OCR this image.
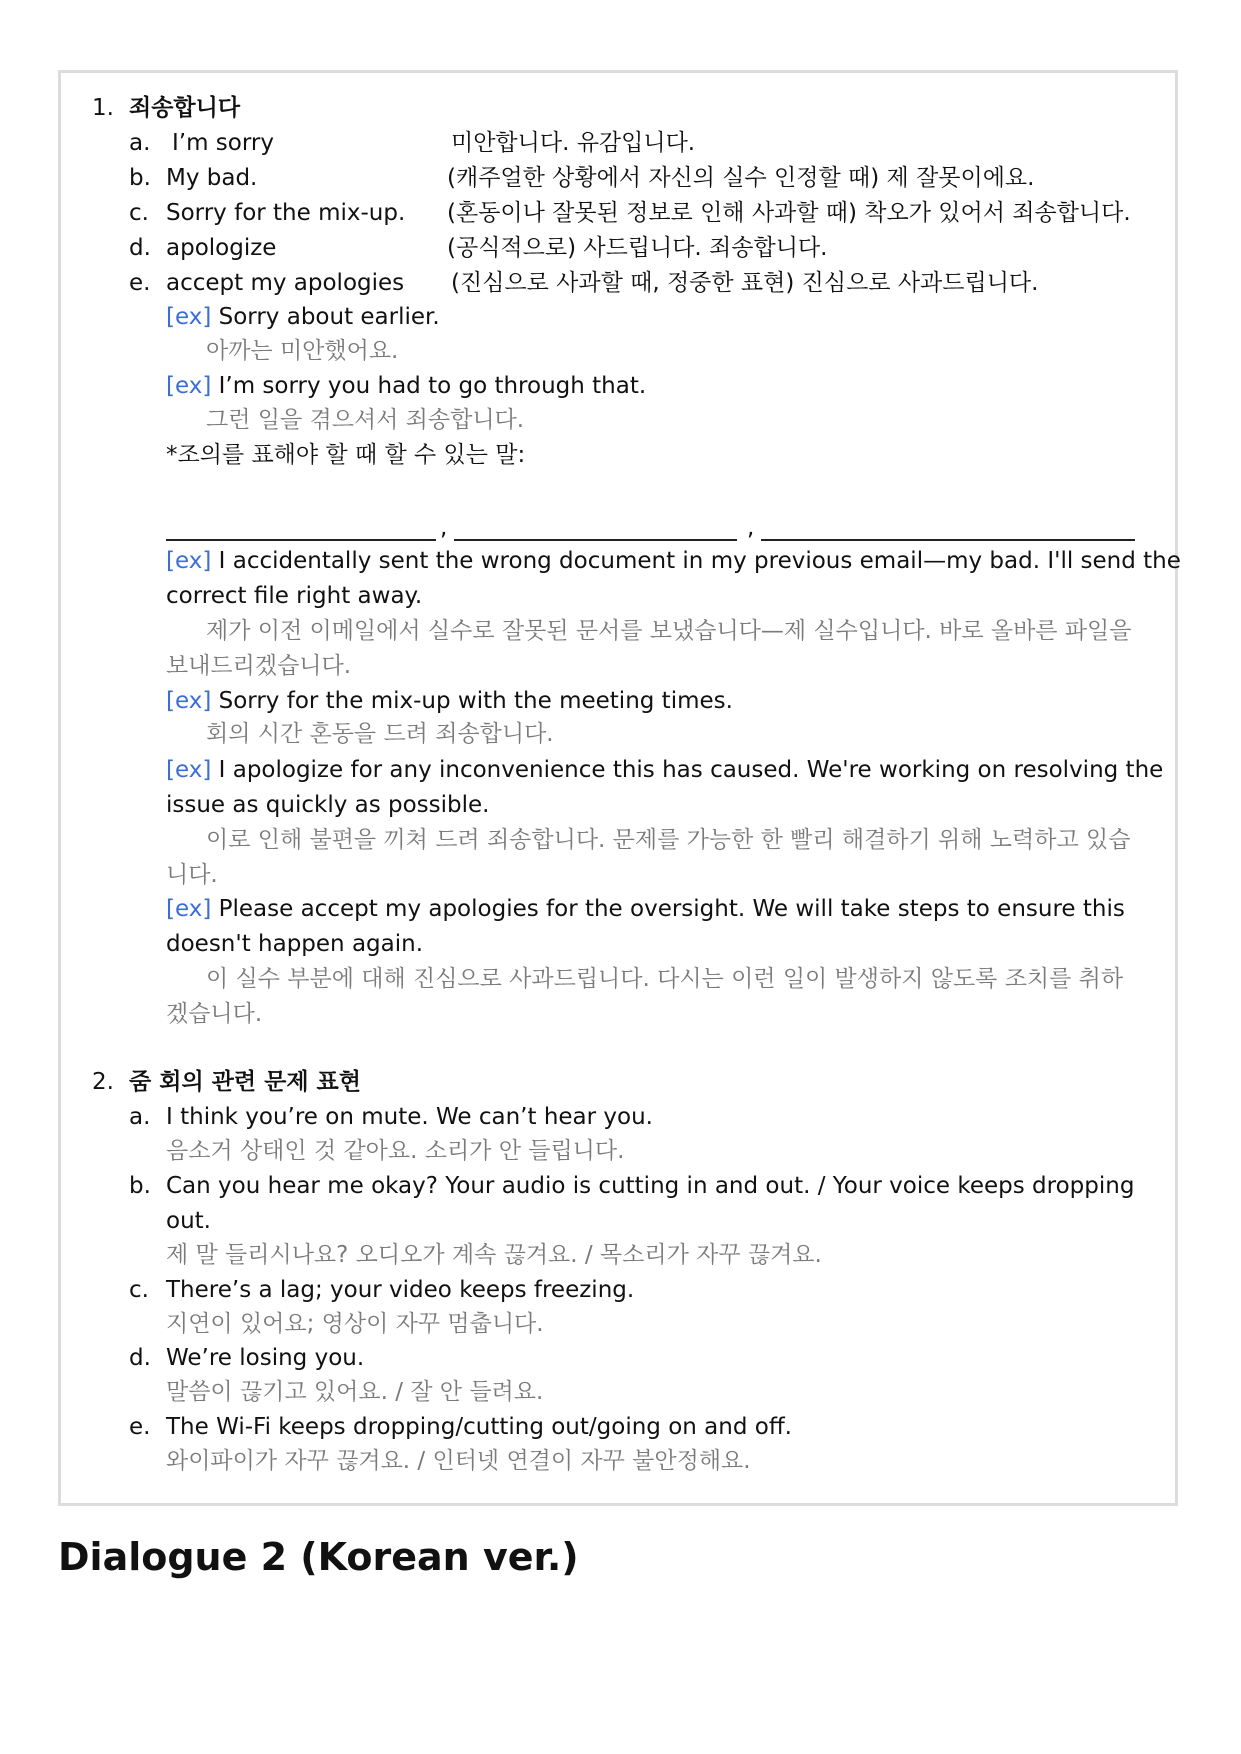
1. 죄송합니다
a. I’m sorry	미안합니다. 유감입니다.
b. My bad.	(캐주얼한 상황에서 자신의 실수 인정할 때) 제 잘못이에요.
c. Sorry for the mix-up. (혼동이나 잘못된 정보로 인해 사과할 때) 착오가 있어서 죄송합니다.
d. apologize	(공식적으로) 사드립니다. 죄송합니다.
e. accept my apologies (진심으로 사과할 때, 정중한 표현) 진심으로 사과드립니다.
[ex] Sorry about earlier.
아까는 미안했어요.
[ex] I’m sorry you had to go through that.
그런 일을 겪으셔서 죄송합니다.
*조의를 표해야 할 때 할 수 있는 말:
,	,
[ex] I accidentally sent the wrong document in my previous email—my bad. I'll send the
correct file right away.
제가 이전 이메일에서 실수로 잘못된 문서를 보냈습니다—제 실수입니다. 바로 올바른 파일을
보내드리겠습니다.
[ex] Sorry for the mix-up with the meeting times.
회의 시간 혼동을 드려 죄송합니다.
[ex] I apologize for any inconvenience this has caused. We're working on resolving the
issue as quickly as possible.
이로 인해 불편을 끼쳐 드려 죄송합니다. 문제를 가능한 한 빨리 해결하기 위해 노력하고 있습
니다.
[ex] Please accept my apologies for the oversight. We will take steps to ensure this
doesn't happen again.
이 실수 부분에 대해 진심으로 사과드립니다. 다시는 이런 일이 발생하지 않도록 조치를 취하
겠습니다.
2. 줌 회의 관련 문제 표현
a. I think you’re on mute. We can’t hear you.
음소거 상태인 것 같아요. 소리가 안 들립니다.
b. Can you hear me okay? Your audio is cutting in and out. / Your voice keeps dropping
out.
제 말 들리시나요? 오디오가 계속 끊겨요. / 목소리가 자꾸 끊겨요.
c. There’s a lag; your video keeps freezing.
지연이 있어요; 영상이 자꾸 멈춥니다.
d. We’re losing you.
말씀이 끊기고 있어요. / 잘 안 들려요.
e. The Wi-Fi keeps dropping/cutting out/going on and off.
와이파이가 자꾸 끊겨요. / 인터넷 연결이 자꾸 불안정해요.
Dialogue 2 (Korean ver.)
